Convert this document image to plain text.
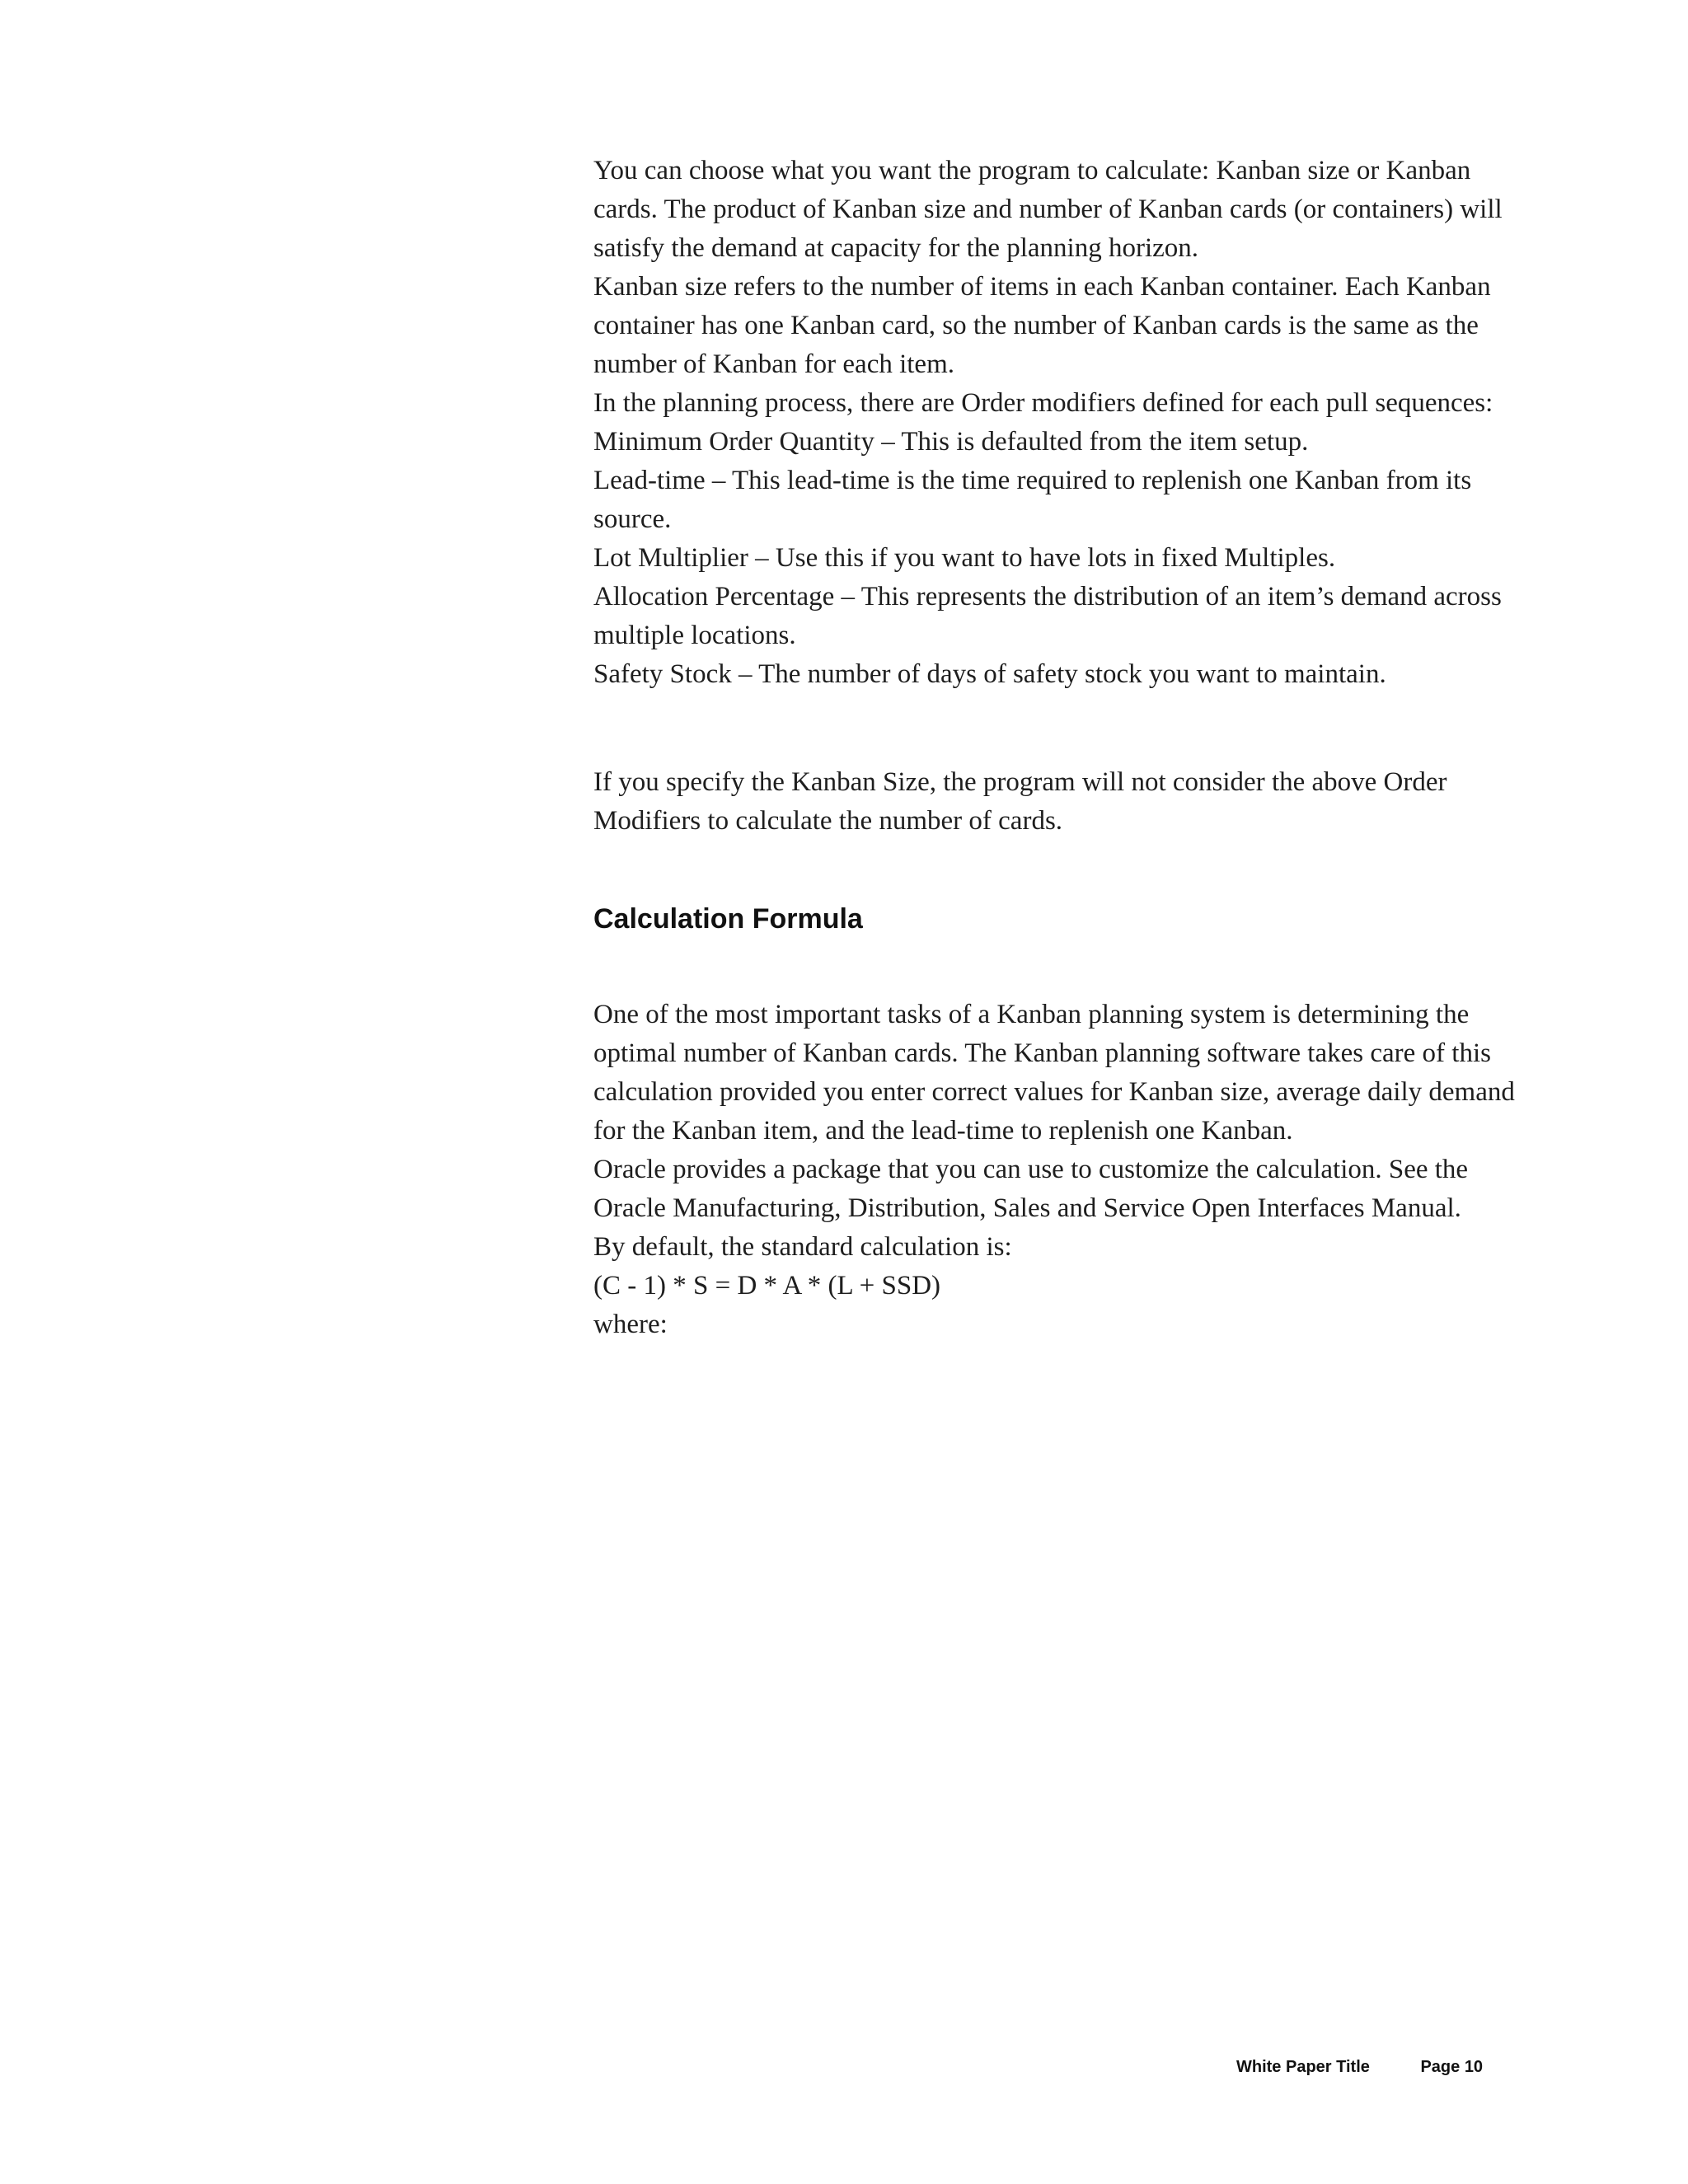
You can choose what you want the program to calculate: Kanban size or Kanban cards. The product of Kanban size and number of Kanban cards (or containers) will satisfy the demand at capacity for the planning horizon.

Kanban size refers to the number of items in each Kanban container. Each Kanban container has one Kanban card, so the number of Kanban cards is the same as the number of Kanban for each item.

In the planning process, there are Order modifiers defined for each pull sequences:

Minimum Order Quantity – This is defaulted from the item setup.

Lead-time – This lead-time is the time required to replenish one Kanban from its source.

Lot Multiplier – Use this if you want to have lots in fixed Multiples.

Allocation Percentage – This represents the distribution of an item’s demand across multiple locations.

Safety Stock – The number of days of safety stock you want to maintain.

If you specify the Kanban Size, the program will not consider the above Order Modifiers to calculate the number of cards.

Calculation Formula

One of the most important tasks of a Kanban planning system is determining the optimal number of Kanban cards. The Kanban planning software takes care of this calculation provided you enter correct values for Kanban size, average daily demand for the Kanban item, and the lead-time to replenish one Kanban.

Oracle provides a package that you can use to customize the calculation. See the Oracle Manufacturing, Distribution, Sales and Service Open Interfaces Manual.

By default, the standard calculation is:

(C - 1) * S = D * A * (L + SSD)

where:

White Paper Title	Page 10
